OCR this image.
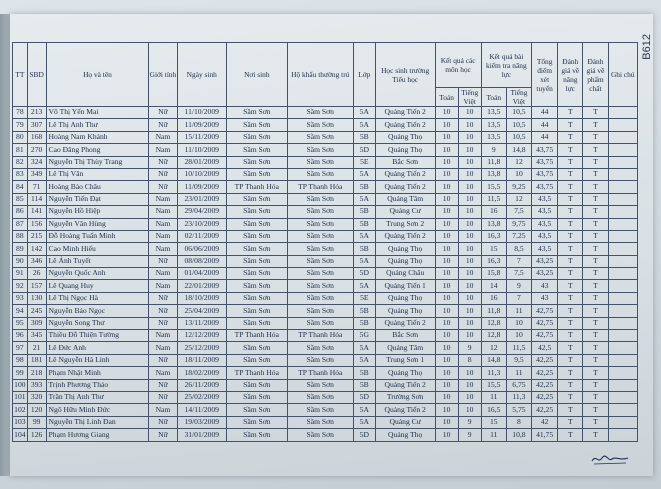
B612
TT	SBD	Họ và tên	Giới tính	Ngày sinh	Nơi sinh	Hộ khẩu thường trú	Lớp	Học sinh trường Tiểu học	Kết quả các môn học		Kết quả bài kiểm tra năng lực		Tổng điểm xét tuyển	Đánh giá về năng lực	Đánh giá về phẩm chất	Ghi chú
									Toán	Tiếng Việt	Toán	Tiếng Việt				
78	213	Võ Thị Yến Mai	Nữ	11/10/2009	Sầm Sơn	Sầm Sơn	5A	Quảng Tiến 2	10	10	13,5	10,5	44	T	T	
79	307	Lê Thị Anh Thư	Nữ	11/09/2009	Sầm Sơn	Sầm Sơn	5A	Quảng Tiến 2	10	10	13,5	10,5	44	T	T	
80	168	Hoàng Nam Khánh	Nam	15/11/2009	Sầm Sơn	Sầm Sơn	5B	Quảng Thọ	10	10	13,5	10,5	44	T	T	
81	270	Cao Đăng Phong	Nam	11/10/2009	Sầm Sơn	Sầm Sơn	5D	Quảng Thọ	10	10	9	14,8	43,75	T	T	
82	324	Nguyễn Thị Thùy Trang	Nữ	28/01/2009	Sầm Sơn	Sầm Sơn	5E	Bắc Sơn	10	10	11,8	12	43,75	T	T	
83	349	Lê Thị Vân	Nữ	10/10/2009	Sầm Sơn	Sầm Sơn	5A	Quảng Tiến 2	10	10	13,8	10	43,75	T	T	
84	71	Hoàng Bảo Châu	Nữ	11/09/2009	TP Thanh Hóa	TP Thanh Hóa	5B	Quảng Tiến 2	10	10	15,5	9,25	43,75	T	T	
85	114	Nguyễn Tiến Đạt	Nam	23/01/2009	Sầm Sơn	Sầm Sơn	5A	Quảng Tâm	10	10	11,5	12	43,5	T	T	
86	141	Nguyễn Hồ Hiệp	Nam	29/04/2009	Sầm Sơn	Sầm Sơn	5B	Quảng Cư	10	10	16	7,5	43,5	T	T	
87	156	Nguyễn Văn Hùng	Nam	23/10/2009	Sầm Sơn	Sầm Sơn	5B	Trung Sơn 2	10	10	13,8	9,75	43,5	T	T	
88	215	Đỗ Hoàng Tuấn Minh	Nam	02/11/2009	Sầm Sơn	Sầm Sơn	5A	Quảng Tiến 2	10	10	16,3	7,25	43,5	T	T	
89	142	Cao Minh Hiếu	Nam	06/06/2009	Sầm Sơn	Sầm Sơn	5B	Quảng Thọ	10	10	15	8,5	43,5	T	T	
90	346	Lê Ánh Tuyết	Nữ	08/08/2009	Sầm Sơn	Sầm Sơn	5A	Quảng Thọ	10	10	16,3	7	43,25	T	T	
91	26	Nguyễn Quốc Anh	Nam	01/04/2009	Sầm Sơn	Sầm Sơn	5D	Quảng Châu	10	10	15,8	7,5	43,25	T	T	
92	157	Lê Quang Huy	Nam	22/01/2009	Sầm Sơn	Sầm Sơn	5A	Quảng Tiến 1	10	10	14	9	43	T	T	
93	130	Lê Thị Ngọc Hà	Nữ	18/10/2009	Sầm Sơn	Sầm Sơn	5E	Quảng Thọ	10	10	16	7	43	T	T	
94	245	Nguyễn Bảo Ngọc	Nữ	25/04/2009	Sầm Sơn	Sầm Sơn	5B	Quảng Thọ	10	10	11,8	11	42,75	T	T	
95	309	Nguyễn Song Thư	Nữ	13/11/2009	Sầm Sơn	Sầm Sơn	5B	Quảng Tiến 2	10	10	12,8	10	42,75	T	T	
96	345	Thiều Đỗ Thiện Tường	Nam	12/12/2009	TP Thanh Hóa	TP Thanh Hóa	5G	Bắc Sơn	10	10	12,8	10	42,75	T	T	
97	21	Lê Đức Anh	Nam	25/12/2009	Sầm Sơn	Sầm Sơn	5A	Quảng Tâm	10	9	12	11,5	42,5	T	T	
98	181	Lê Nguyễn Hà Linh	Nữ	18/11/2009	Sầm Sơn	Sầm Sơn	5A	Trung Sơn 1	10	8	14,8	9,5	42,25	T	T	
99	218	Phạm Nhật Minh	Nam	18/02/2009	TP Thanh Hóa	TP Thanh Hóa	5B	Quảng Thọ	10	10	11,3	11	42,25	T	T	
100	393	Trịnh Phương Thảo	Nữ	26/11/2009	Sầm Sơn	Sầm Sơn	5B	Quảng Tiến 2	10	10	15,5	6,75	42,25	T	T	
101	320	Trần Thị Anh Thư	Nữ	25/02/2009	Sầm Sơn	Sầm Sơn	5D	Trường Sơn	10	10	11	11,3	42,25	T	T	
102	120	Ngô Hữu Minh Đức	Nam	14/11/2009	Sầm Sơn	Sầm Sơn	5A	Quảng Tiến 2	10	10	16,5	5,75	42,25	T	T	
103	99	Nguyễn Thị Linh Đan	Nữ	19/03/2009	Sầm Sơn	Sầm Sơn	5A	Quảng Cư	10	9	15	8	42	T	T	
104	126	Phạm Hương Giang	Nữ	31/01/2009	Sầm Sơn	Sầm Sơn	5D	Quảng Thọ	10	9	11	10,8	41,75	T	T	
